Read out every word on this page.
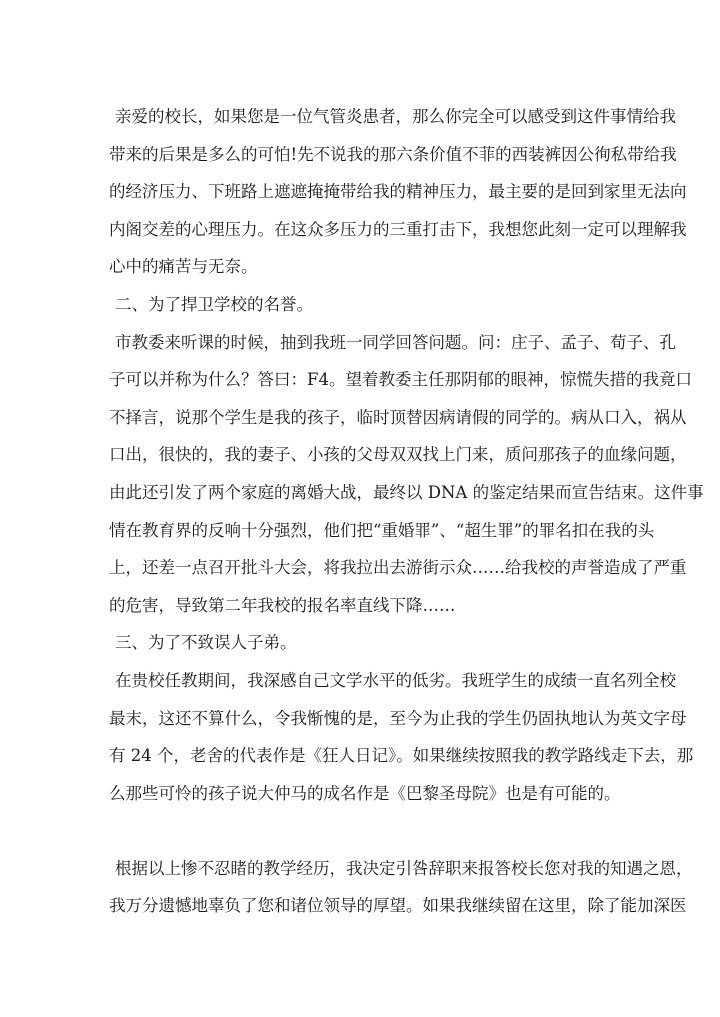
亲爱的校长，如果您是一位气管炎患者，那么你完全可以感受到这件事情给我
带来的后果是多么的可怕!先不说我的那六条价值不菲的西装裤因公徇私带给我
的经济压力、下班路上遮遮掩掩带给我的精神压力，最主要的是回到家里无法向
内阁交差的心理压力。在这众多压力的三重打击下，我想您此刻一定可以理解我
心中的痛苦与无奈。
二、为了捍卫学校的名誉。
市教委来听课的时候，抽到我班一同学回答问题。问：庄子、孟子、荀子、孔
子可以并称为什么？答曰：F4。望着教委主任那阴郁的眼神，惊慌失措的我竟口
不择言，说那个学生是我的孩子，临时顶替因病请假的同学的。病从口入，祸从
口出，很快的，我的妻子、小孩的父母双双找上门来，质问那孩子的血缘问题，
由此还引发了两个家庭的离婚大战，最终以 DNA 的鉴定结果而宣告结束。这件事
情在教育界的反响十分强烈，他们把“重婚罪”、“超生罪”的罪名扣在我的头
上，还差一点召开批斗大会，将我拉出去游街示众……给我校的声誉造成了严重
的危害，导致第二年我校的报名率直线下降……
三、为了不致误人子弟。
在贵校任教期间，我深感自己文学水平的低劣。我班学生的成绩一直名列全校
最末，这还不算什么，令我惭愧的是，至今为止我的学生仍固执地认为英文字母
有 24 个，老舍的代表作是《狂人日记》。如果继续按照我的教学路线走下去，那
么那些可怜的孩子说大仲马的成名作是《巴黎圣母院》也是有可能的。
根据以上惨不忍睹的教学经历，我决定引咎辞职来报答校长您对我的知遇之恩，
我万分遗憾地辜负了您和诸位领导的厚望。如果我继续留在这里，除了能加深医
